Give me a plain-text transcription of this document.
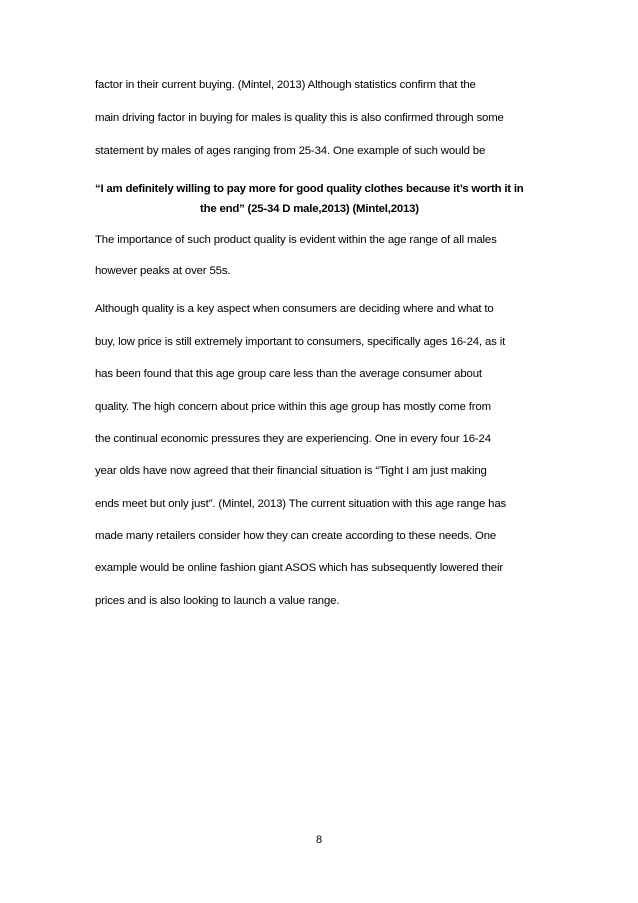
factor in their current buying. (Mintel, 2013) Although statistics confirm that the
main driving factor in buying for males is quality this is also confirmed through some
statement by males of ages ranging from 25-34. One example of such would be
“I am definitely willing to pay more for good quality clothes because it’s worth it in
the end” (25-34 D male,2013) (Mintel,2013)
The importance of such product quality is evident within the age range of all males
however peaks at over 55s.
Although quality is a key aspect when consumers are deciding where and what to
buy, low price is still extremely important to consumers, specifically ages 16-24, as it
has been found that this age group care less than the average consumer about
quality. The high concern about price within this age group has mostly come from
the continual economic pressures they are experiencing. One in every four 16-24
year olds have now agreed that their financial situation is “Tight I am just making
ends meet but only just”. (Mintel, 2013) The current situation with this age range has
made many retailers consider how they can create according to these needs. One
example would be online fashion giant ASOS which has subsequently lowered their
prices and is also looking to launch a value range.
8
